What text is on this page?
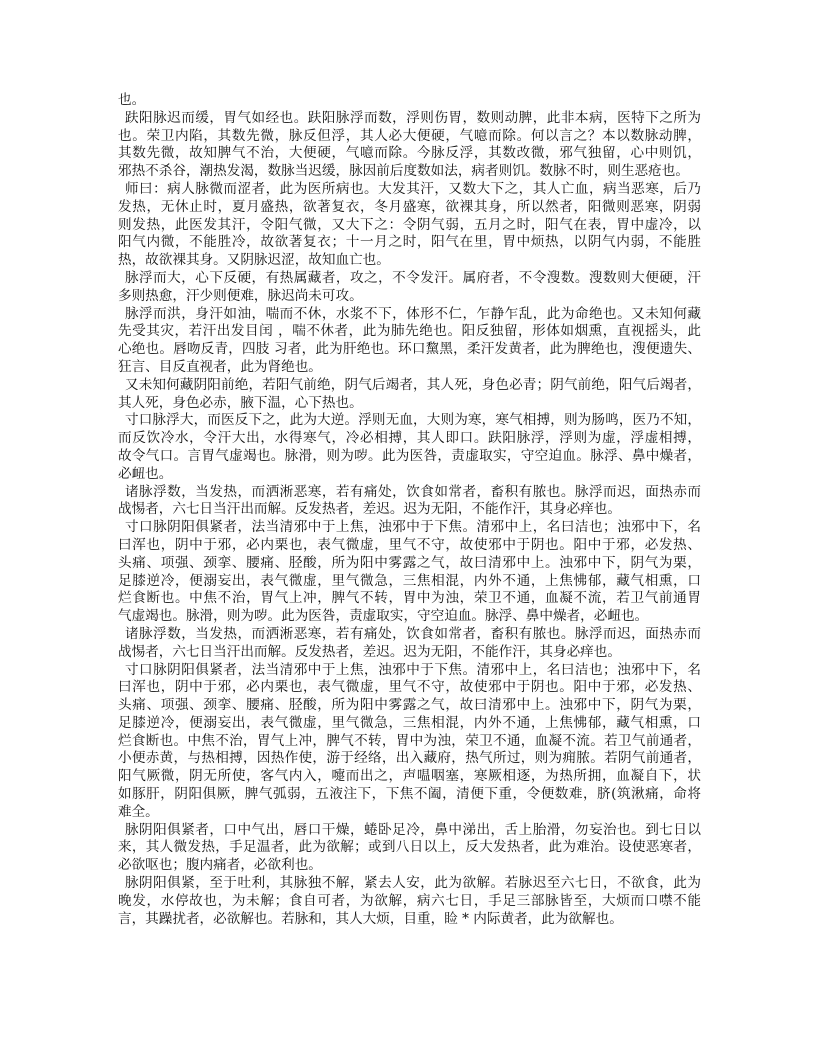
也。
趺阳脉迟而缓，胃气如经也。趺阳脉浮而数，浮则伤胃，数则动脾，此非本病，医特下之所为
也。荣卫内陷，其数先微，脉反但浮，其人必大便硬，气噫而除。何以言之？本以数脉动脾，
其数先微，故知脾气不治，大便硬，气噫而除。今脉反浮，其数改微，邪气独留，心中则饥，
邪热不杀谷，潮热发渴，数脉当迟缓，脉因前后度数如法，病者则饥。数脉不时，则生恶疮也。
师曰：病人脉微而涩者，此为医所病也。大发其汗，又数大下之，其人亡血，病当恶寒，后乃
发热，无休止时，夏月盛热，欲著复衣，冬月盛寒，欲裸其身，所以然者，阳微则恶寒，阴弱
则发热，此医发其汗，令阳气微，又大下之：令阴气弱，五月之时，阳气在表，胃中虚冷，以
阳气内微，不能胜冷，故欲著复衣；十一月之时，阳气在里，胃中烦热，以阴气内弱，不能胜
热，故欲裸其身。又阴脉迟涩，故知血亡也。
脉浮而大，心下反硬，有热属藏者，攻之，不令发汗。属府者，不令溲数。溲数则大便硬，汗
多则热愈，汗少则便难，脉迟尚未可攻。
脉浮而洪，身汗如油，喘而不休，水浆不下，体形不仁，乍静乍乱，此为命绝也。又未知何藏
先受其灾，若汗出发目闰 ，喘不休者，此为肺先绝也。阳反独留，形体如烟熏，直视摇头，此
心绝也。唇吻反青，四肢 习者，此为肝绝也。环口黧黑，柔汗发黄者，此为脾绝也，溲便遗失、
狂言、目反直视者，此为肾绝也。
又未知何藏阴阳前绝，若阳气前绝，阴气后竭者，其人死，身色必青；阴气前绝，阳气后竭者，
其人死，身色必赤，腋下温，心下热也。
寸口脉浮大，而医反下之，此为大逆。浮则无血，大则为寒，寒气相搏，则为肠鸣，医乃不知，
而反饮冷水，令汗大出，水得寒气，冷必相搏，其人即口。趺阳脉浮，浮则为虚，浮虚相搏，
故令气口。言胃气虚竭也。脉滑，则为哕。此为医咎，责虚取实，守空迫血。脉浮、鼻中燥者，
必衄也。
诸脉浮数，当发热，而洒淅恶寒，若有痛处，饮食如常者，畜积有脓也。脉浮而迟，面热赤而
战惕者，六七日当汗出而解。反发热者，差迟。迟为无阳，不能作汗，其身必痒也。
寸口脉阴阳俱紧者，法当清邪中于上焦，浊邪中于下焦。清邪中上，名曰洁也；浊邪中下，名
曰浑也，阴中于邪，必内栗也，表气微虚，里气不守，故使邪中于阴也。阳中于邪，必发热、
头痛、项强、颈挛、腰痛、胫酸，所为阳中雾露之气，故曰清邪中上。浊邪中下，阴气为栗，
足膝逆冷，便溺妄出，表气微虚，里气微急，三焦相混，内外不通，上焦怫郁，藏气相熏，口
烂食断也。中焦不治，胃气上冲，脾气不转，胃中为浊，荣卫不通，血凝不流，若卫气前通胃
气虚竭也。脉滑，则为哕。此为医咎，责虚取实，守空迫血。脉浮、鼻中燥者，必衄也。
诸脉浮数，当发热，而洒淅恶寒，若有痛处，饮食如常者，畜积有脓也。脉浮而迟，面热赤而
战惕者，六七日当汗出而解。反发热者，差迟。迟为无阳，不能作汗，其身必痒也。
寸口脉阴阳俱紧者，法当清邪中于上焦，浊邪中于下焦。清邪中上，名曰洁也；浊邪中下，名
曰浑也，阴中于邪，必内栗也，表气微虚，里气不守，故使邪中于阴也。阳中于邪，必发热、
头痛、项强、颈挛、腰痛、胫酸，所为阳中雾露之气，故曰清邪中上。浊邪中下，阴气为栗，
足膝逆冷，便溺妄出，表气微虚，里气微急，三焦相混，内外不通，上焦怫郁，藏气相熏，口
烂食断也。中焦不治，胃气上冲，脾气不转，胃中为浊，荣卫不通，血凝不流。若卫气前通者，
小便赤黄，与热相搏，因热作使，游于经络，出入藏府，热气所过，则为痈脓。若阴气前通者，
阳气厥微，阴无所使，客气内入，嚏而出之，声嗢咽塞，寒厥相逐，为热所拥，血凝自下，状
如豚肝，阴阳俱厥，脾气弧弱，五液注下，下焦不阖，清便下重，令便数难，脐(筑湫痛，命将
难全。
脉阴阳俱紧者，口中气出，唇口干燥，蜷卧足冷，鼻中涕出，舌上胎滑，勿妄治也。到七日以
来，其人微发热，手足温者，此为欲解；或到八日以上，反大发热者，此为难治。设使恶寒者，
必欲呕也；腹内痛者，必欲利也。
脉阴阳俱紧，至于吐利，其脉独不解，紧去人安，此为欲解。若脉迟至六七日，不欲食，此为
晚发，水停故也，为未解；食自可者，为欲解，病六七日，手足三部脉皆至，大烦而口噤不能
言，其躁扰者，必欲解也。若脉和，其人大烦，目重，睑 * 内际黄者，此为欲解也。
